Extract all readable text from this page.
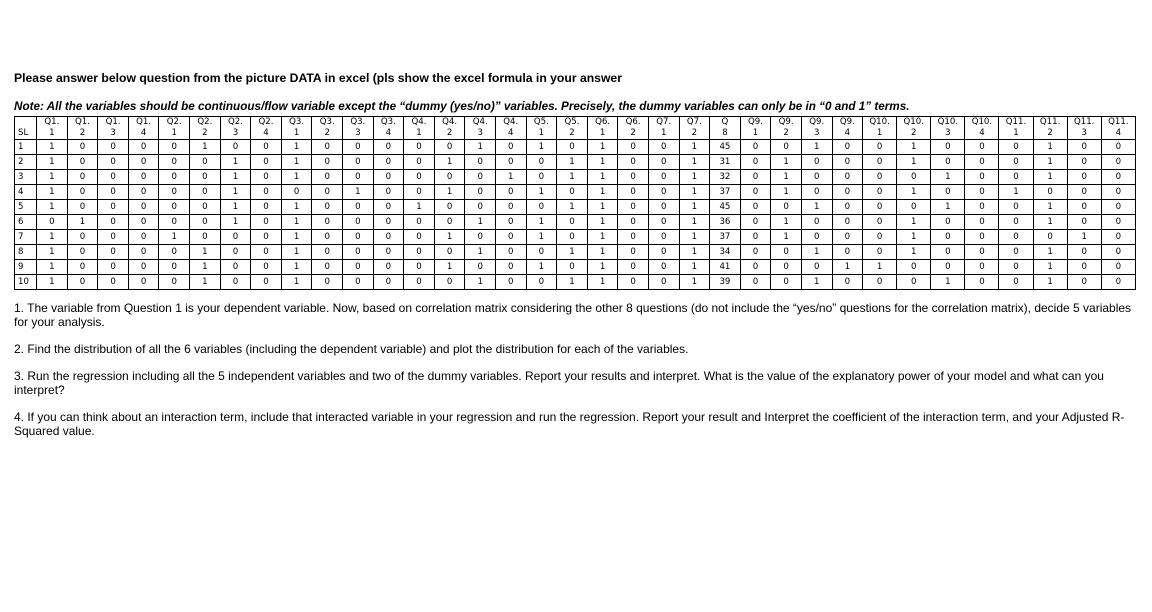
Please answer below question from the picture DATA in excel (pls show the excel formula in your answer
Note: All the variables should be continuous/flow variable except the “dummy (yes/no)” variables. Precisely, the dummy variables can only be in “0 and 1” terms.
	Q1.	Q1.	Q1.	Q1.	Q2.	Q2.	Q2.	Q2.	Q3.	Q3.	Q3.	Q3.	Q4.	Q4.	Q4.	Q4.	Q5.	Q5.	Q6.	Q6.	Q7.	Q7.	Q	Q9.	Q9.	Q9.	Q9.	Q10.	Q10.	Q10.	Q10.	Q11.	Q11.	Q11.	Q11.
SL	1	2	3	4	1	2	3	4	1	2	3	4	1	2	3	4	1	2	1	2	1	2	8	1	2	3	4	1	2	3	4	1	2	3	4
1	1	0	0	0	0	1	0	0	1	0	0	0	0	0	1	0	1	0	1	0	0	1	45	0	0	1	0	0	1	0	0	0	1	0	0
2	1	0	0	0	0	0	1	0	1	0	0	0	0	1	0	0	0	1	1	0	0	1	31	0	1	0	0	0	1	0	0	0	1	0	0
3	1	0	0	0	0	0	1	0	1	0	0	0	0	0	0	1	0	1	1	0	0	1	32	0	1	0	0	0	0	1	0	0	1	0	0
4	1	0	0	0	0	0	1	0	0	0	1	0	0	1	0	0	1	0	1	0	0	1	37	0	1	0	0	0	1	0	0	1	0	0	0
5	1	0	0	0	0	0	1	0	1	0	0	0	1	0	0	0	0	1	1	0	0	1	45	0	0	1	0	0	0	1	0	0	1	0	0
6	0	1	0	0	0	0	1	0	1	0	0	0	0	0	1	0	1	0	1	0	0	1	36	0	1	0	0	0	1	0	0	0	1	0	0
7	1	0	0	0	1	0	0	0	1	0	0	0	0	1	0	0	1	0	1	0	0	1	37	0	1	0	0	0	1	0	0	0	0	1	0
8	1	0	0	0	0	1	0	0	1	0	0	0	0	0	1	0	0	1	1	0	0	1	34	0	0	1	0	0	1	0	0	0	1	0	0
9	1	0	0	0	0	1	0	0	1	0	0	0	0	1	0	0	1	0	1	0	0	1	41	0	0	0	1	1	0	0	0	0	1	0	0
10	1	0	0	0	0	1	0	0	1	0	0	0	0	0	1	0	0	1	1	0	0	1	39	0	0	1	0	0	0	1	0	0	1	0	0

1. The variable from Question 1 is your dependent variable. Now, based on correlation matrix considering the other 8 questions (do not include the “yes/no” questions for the correlation matrix), decide 5 variables for your analysis.

2. Find the distribution of all the 6 variables (including the dependent variable) and plot the distribution for each of the variables.

3. Run the regression including all the 5 independent variables and two of the dummy variables. Report your results and interpret. What is the value of the explanatory power of your model and what can you interpret?

4. If you can think about an interaction term, include that interacted variable in your regression and run the regression. Report your result and Interpret the coefficient of the interaction term, and your Adjusted R-Squared value.
